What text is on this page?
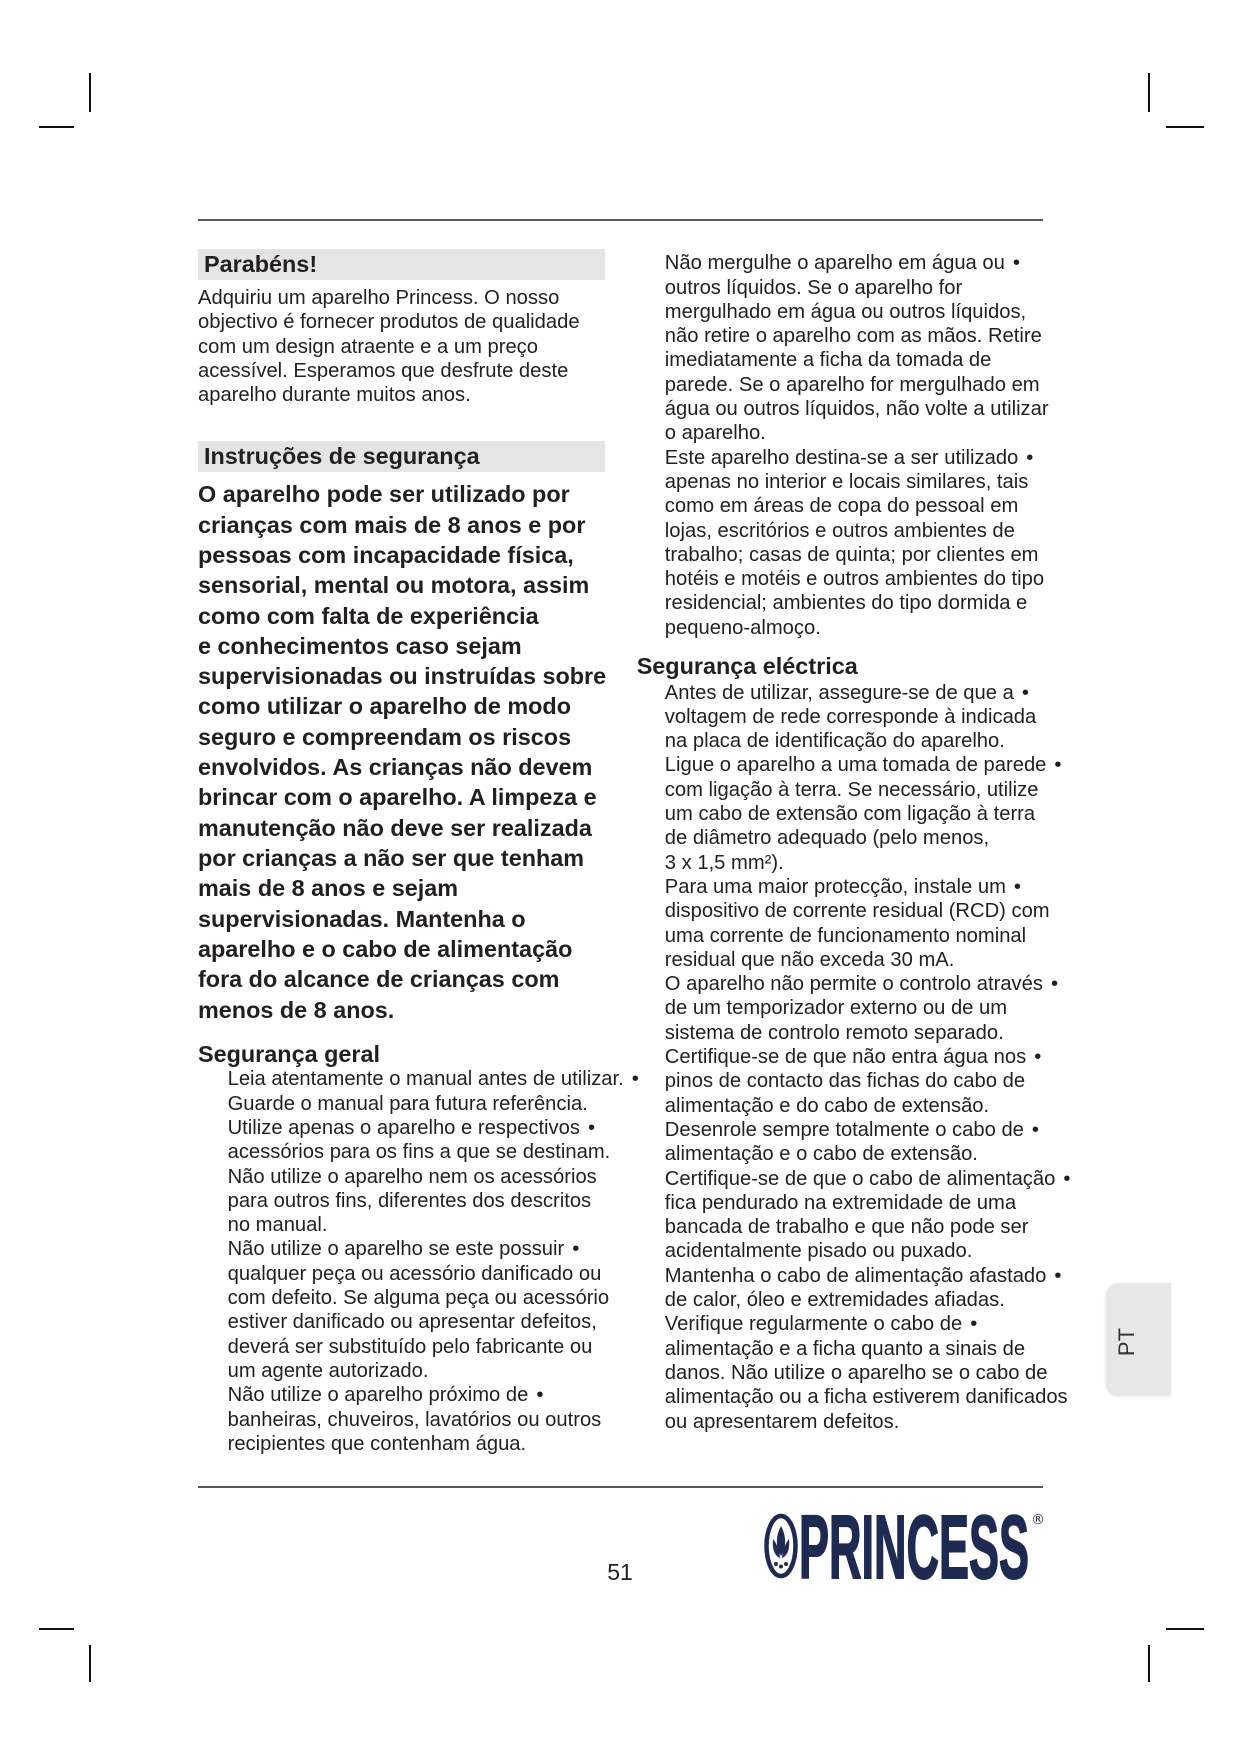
Parabéns!
Adquiriu um aparelho Princess. O nosso
objectivo é fornecer produtos de qualidade
com um design atraente e a um preço
acessível. Esperamos que desfrute deste
aparelho durante muitos anos.
Instruções de segurança
O aparelho pode ser utilizado por
crianças com mais de 8 anos e por
pessoas com incapacidade física,
sensorial, mental ou motora, assim
como com falta de experiência
e conhecimentos caso sejam
supervisionadas ou instruídas sobre
como utilizar o aparelho de modo
seguro e compreendam os riscos
envolvidos. As crianças não devem
brincar com o aparelho. A limpeza e
manutenção não deve ser realizada
por crianças a não ser que tenham
mais de 8 anos e sejam
supervisionadas. Mantenha o
aparelho e o cabo de alimentação
fora do alcance de crianças com
menos de 8 anos.
Segurança geral
Leia atentamente o manual antes de utilizar. •
Guarde o manual para futura referência.
Utilize apenas o aparelho e respectivos •
acessórios para os fins a que se destinam.
Não utilize o aparelho nem os acessórios
para outros fins, diferentes dos descritos
no manual.
Não utilize o aparelho se este possuir •
qualquer peça ou acessório danificado ou
com defeito. Se alguma peça ou acessório
estiver danificado ou apresentar defeitos,
deverá ser substituído pelo fabricante ou
um agente autorizado.
Não utilize o aparelho próximo de •
banheiras, chuveiros, lavatórios ou outros
recipientes que contenham água.
Não mergulhe o aparelho em água ou •
outros líquidos. Se o aparelho for
mergulhado em água ou outros líquidos,
não retire o aparelho com as mãos. Retire
imediatamente a ficha da tomada de
parede. Se o aparelho for mergulhado em
água ou outros líquidos, não volte a utilizar
o aparelho.
Este aparelho destina-se a ser utilizado •
apenas no interior e locais similares, tais
como em áreas de copa do pessoal em
lojas, escritórios e outros ambientes de
trabalho; casas de quinta; por clientes em
hotéis e motéis e outros ambientes do tipo
residencial; ambientes do tipo dormida e
pequeno-almoço.
Segurança eléctrica
Antes de utilizar, assegure-se de que a •
voltagem de rede corresponde à indicada
na placa de identificação do aparelho.
Ligue o aparelho a uma tomada de parede •
com ligação à terra. Se necessário, utilize
um cabo de extensão com ligação à terra
de diâmetro adequado (pelo menos,
3 x 1,5 mm²).
Para uma maior protecção, instale um •
dispositivo de corrente residual (RCD) com
uma corrente de funcionamento nominal
residual que não exceda 30 mA.
O aparelho não permite o controlo através •
de um temporizador externo ou de um
sistema de controlo remoto separado.
Certifique-se de que não entra água nos •
pinos de contacto das fichas do cabo de
alimentação e do cabo de extensão.
Desenrole sempre totalmente o cabo de •
alimentação e o cabo de extensão.
Certifique-se de que o cabo de alimentação •
fica pendurado na extremidade de uma
bancada de trabalho e que não pode ser
acidentalmente pisado ou puxado.
Mantenha o cabo de alimentação afastado •
de calor, óleo e extremidades afiadas.
Verifique regularmente o cabo de •
alimentação e a ficha quanto a sinais de
danos. Não utilize o aparelho se o cabo de
alimentação ou a ficha estiverem danificados
ou apresentarem defeitos.
51 PRINCESS ®
PT
